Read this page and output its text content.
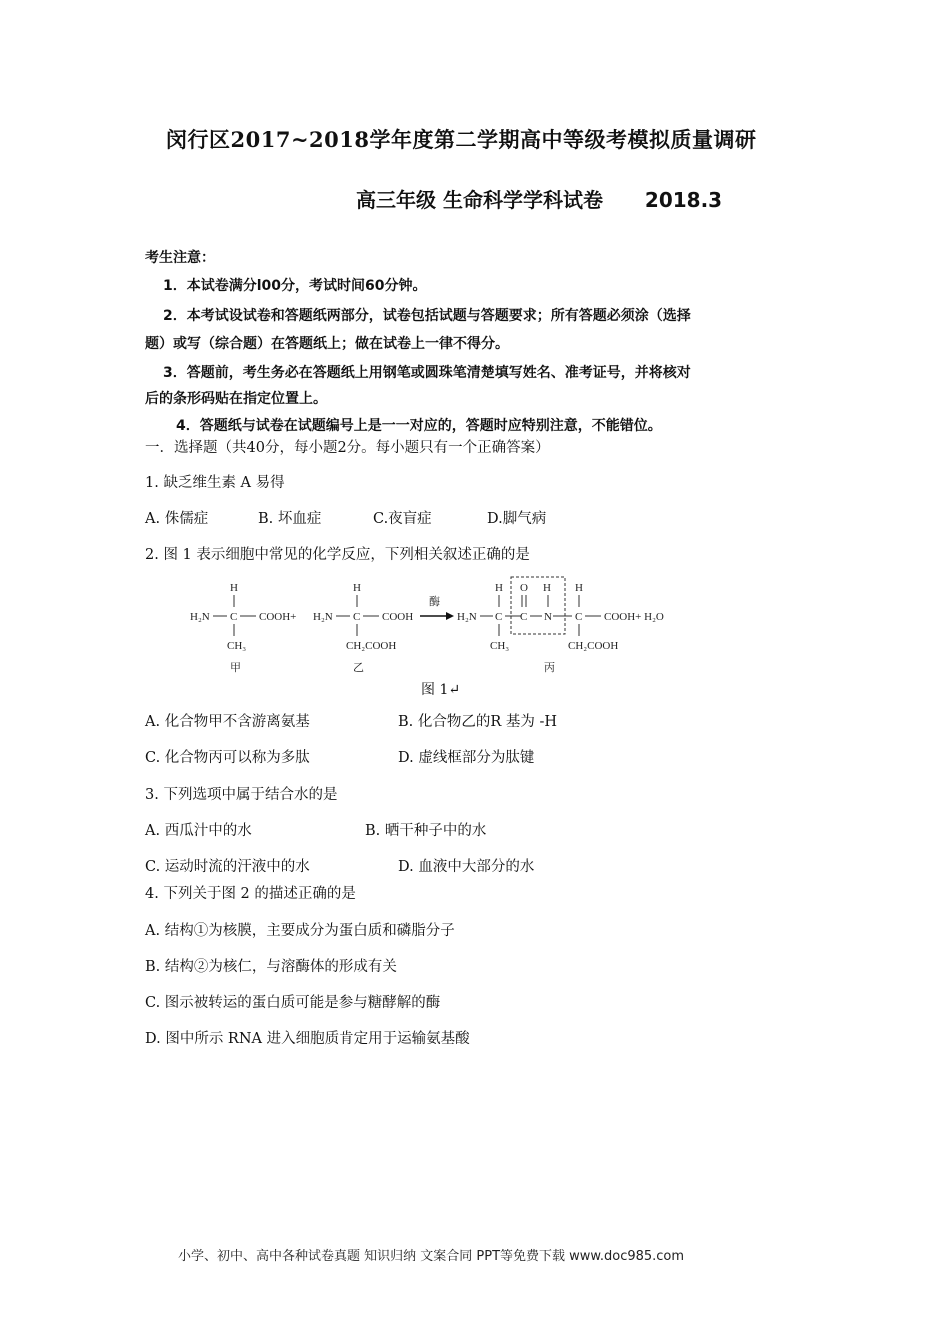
闵行区2017~2018学年度第二学期高中等级考模拟质量调研
高三年级 生命科学学科试卷 2018.3
考生注意：
1．本试卷满分l00分，考试时间60分钟。
2．本考试设试卷和答题纸两部分，试卷包括试题与答题要求；所有答题必须涂（选择
题）或写（综合题）在答题纸上；做在试卷上一律不得分。
3．答题前，考生务必在答题纸上用钢笔或圆珠笔清楚填写姓名、准考证号，并将核对
后的条形码贴在指定位置上。
4．答题纸与试卷在试题编号上是一一对应的，答题时应特别注意，不能错位。
一．选择题（共40分，每小题2分。每小题只有一个正确答案）
1. 缺乏维生素 A 易得
A. 侏儒症	B. 坏血症	C.夜盲症	D.脚气病
2. 图 1 表示细胞中常见的化学反应，下列相关叙述正确的是
H
H₂N C COOH+
CH₃
甲
H
H₂N C COOH
CH₂COOH
乙
酶
H₂N
H
C
CH₃
O
C
H
N
H
C COOH+ H₂O
CH₂COOH
丙
图 1↵
A. 化合物甲不含游离氨基	B. 化合物乙的R 基为 -H
C. 化合物丙可以称为多肽	D. 虚线框部分为肽键
3. 下列选项中属于结合水的是
A. 西瓜汁中的水	B. 晒干种子中的水
C. 运动时流的汗液中的水	D. 血液中大部分的水
4. 下列关于图 2 的描述正确的是
A. 结构①为核膜，主要成分为蛋白质和磷脂分子
B. 结构②为核仁，与溶酶体的形成有关
C. 图示被转运的蛋白质可能是参与糖酵解的酶
D. 图中所示 RNA 进入细胞质肯定用于运输氨基酸
小学、初中、高中各种试卷真题 知识归纳 文案合同 PPT等免费下载 www.doc985.com
